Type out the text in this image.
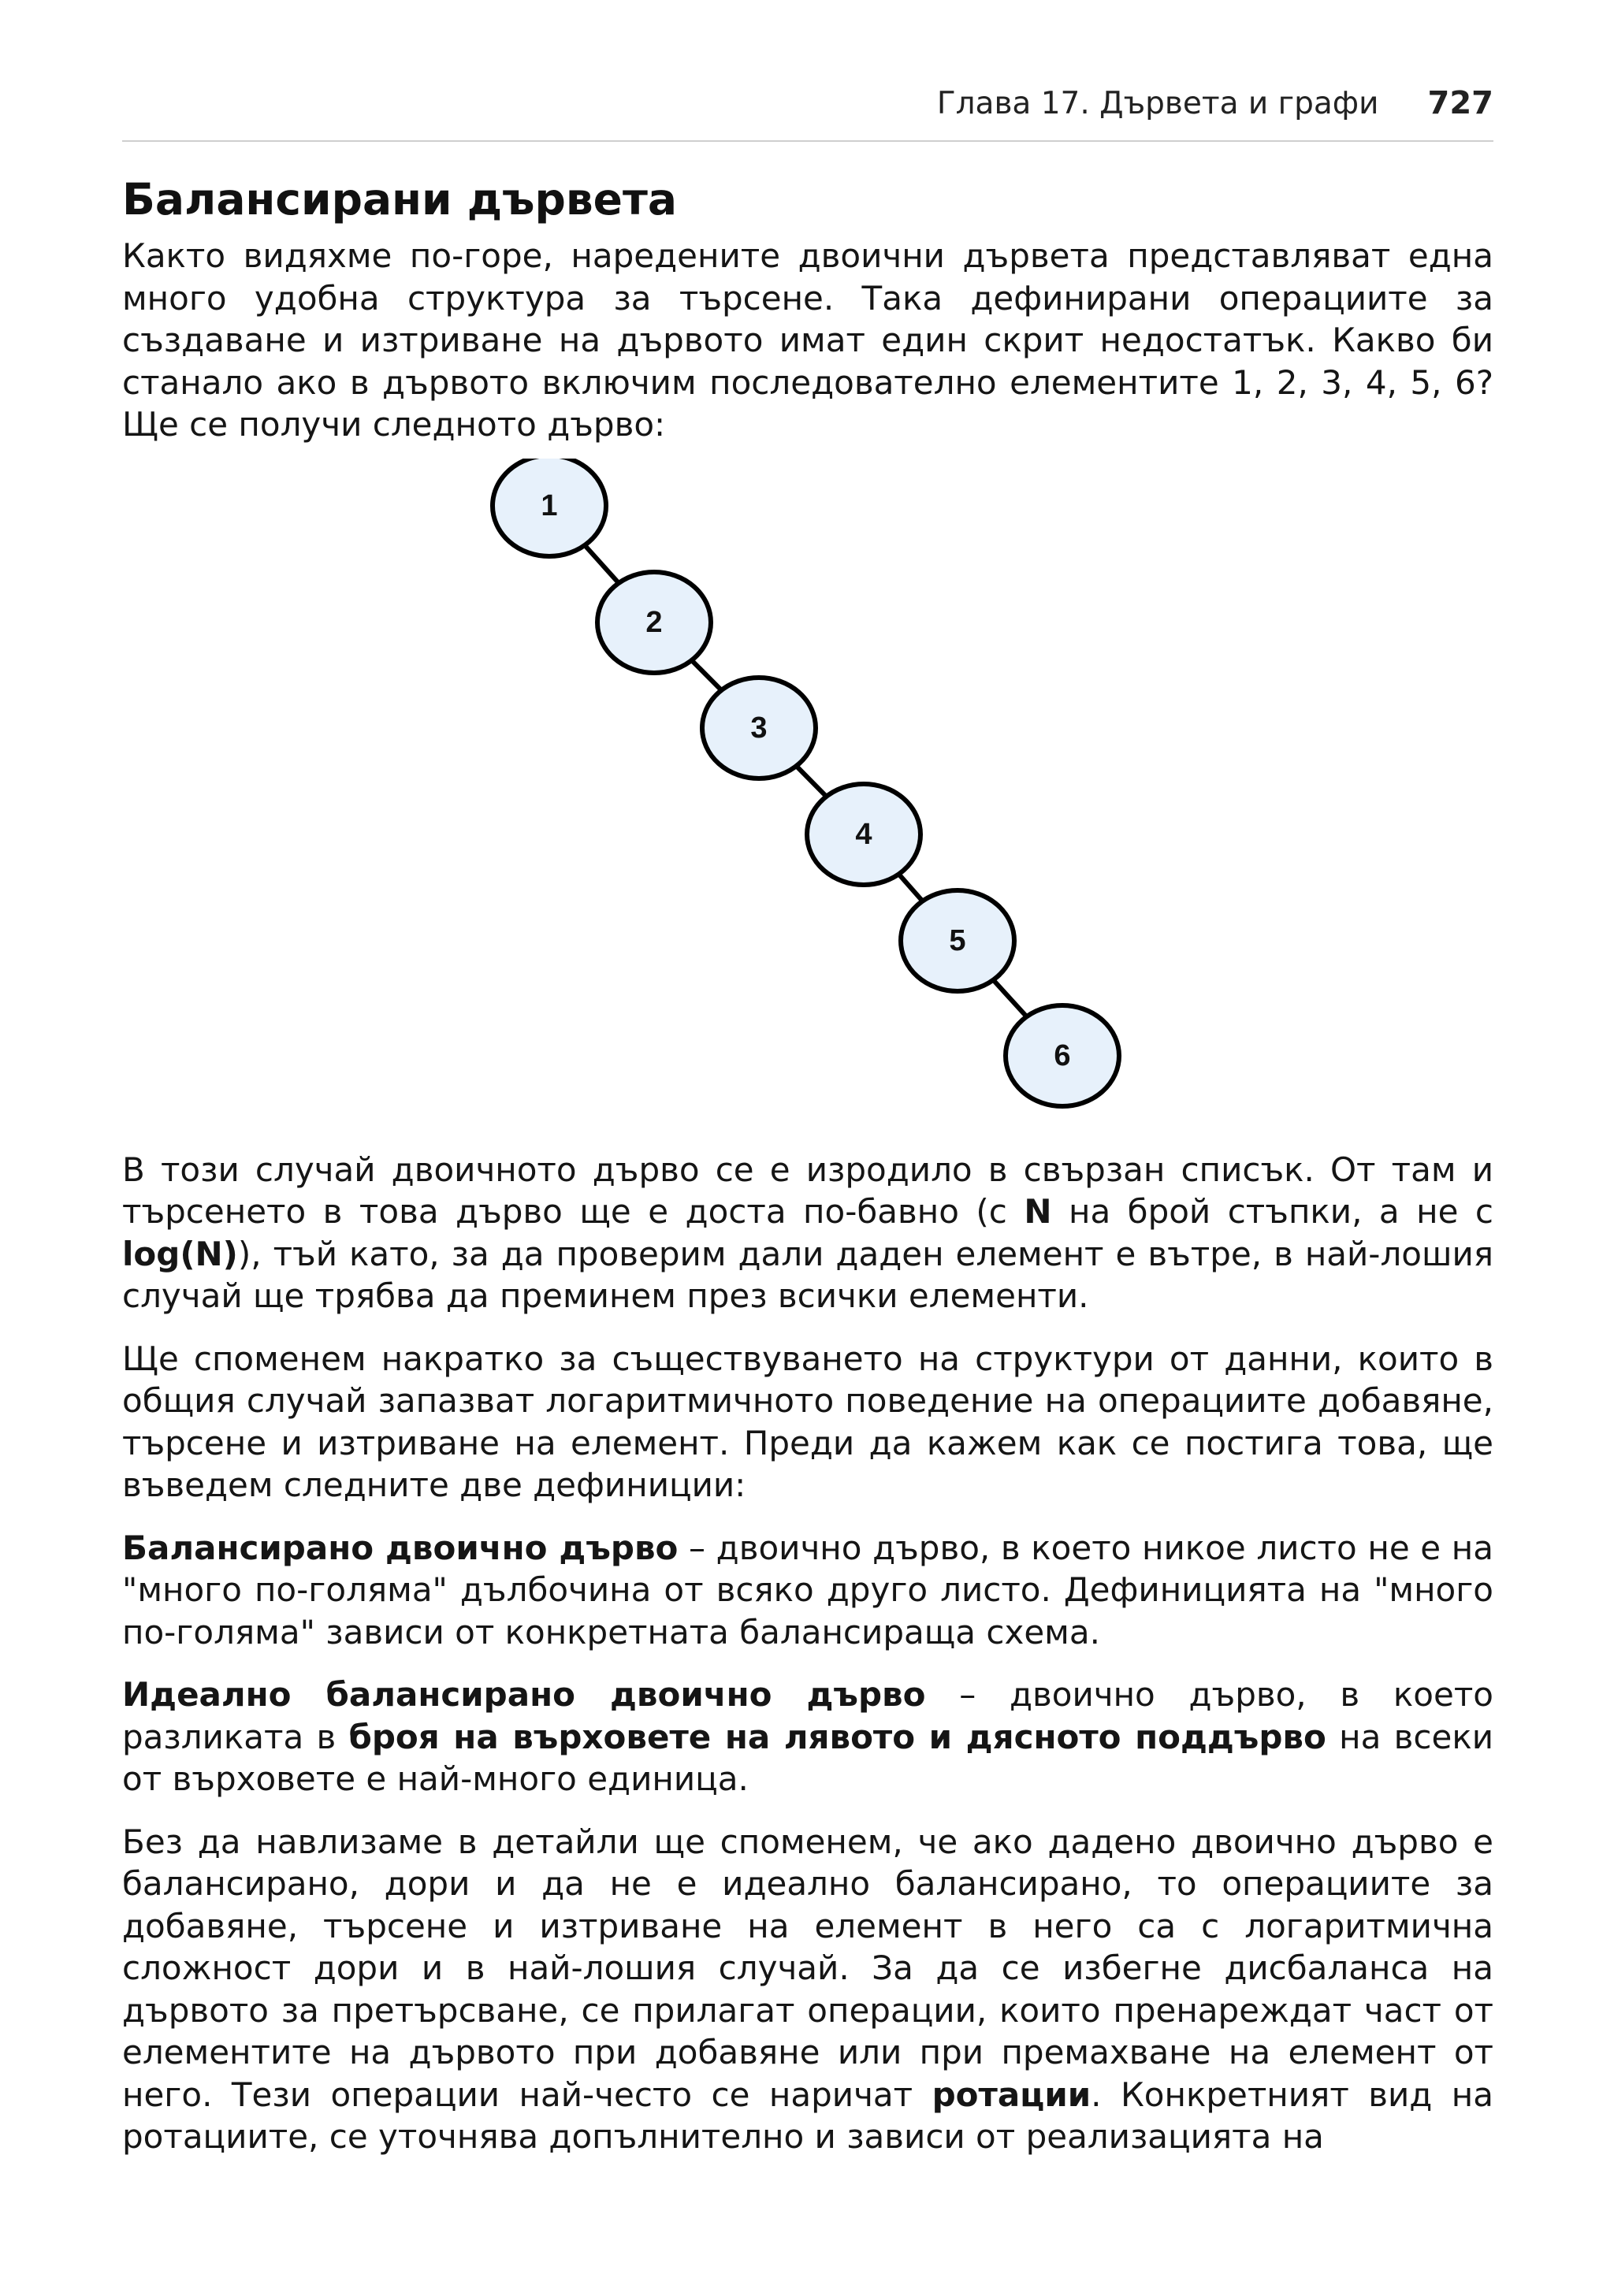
Глава 17. Дървета и графи 727
Балансирани дървета

Както видяхме по-горе, наредените двоични дървета представляват една много удобна структура за търсене. Така дефинирани операциите за създаване и изтриване на дървото имат един скрит недостатък. Какво би станало ако в дървото включим последователно елементите 1, 2, 3, 4, 5, 6? Ще се получи следното дърво:

1
2
3
4
5
6

В този случай двоичното дърво се е изродило в свързан списък. От там и търсенето в това дърво ще е доста по-бавно (с N на брой стъпки, а не с log(N)), тъй като, за да проверим дали даден елемент е вътре, в най-лошия случай ще трябва да преминем през всички елементи.

Ще споменем накратко за съществуването на структури от данни, които в общия случай запазват логаритмичното поведение на операциите добавяне, търсене и изтриване на елемент. Преди да кажем как се постига това, ще въведем следните две дефиниции:

Балансирано двоично дърво – двоично дърво, в което никое листо не е на "много по-голяма" дълбочина от всяко друго листо. Дефиницията на "много по-голяма" зависи от конкретната балансираща схема.

Идеално балансирано двоично дърво – двоично дърво, в което разликата в броя на върховете на лявото и дясното поддърво на всеки от върховете е най-много единица.

Без да навлизаме в детайли ще споменем, че ако дадено двоично дърво е балансирано, дори и да не е идеално балансирано, то операциите за добавяне, търсене и изтриване на елемент в него са с логаритмична сложност дори и в най-лошия случай. За да се избегне дисбаланса на дървото за претърсване, се прилагат операции, които пренареждат част от елементите на дървото при добавяне или при премахване на елемент от него. Тези операции най-често се наричат ротации. Конкретният вид на ротациите, се уточнява допълнително и зависи от реализацията на
